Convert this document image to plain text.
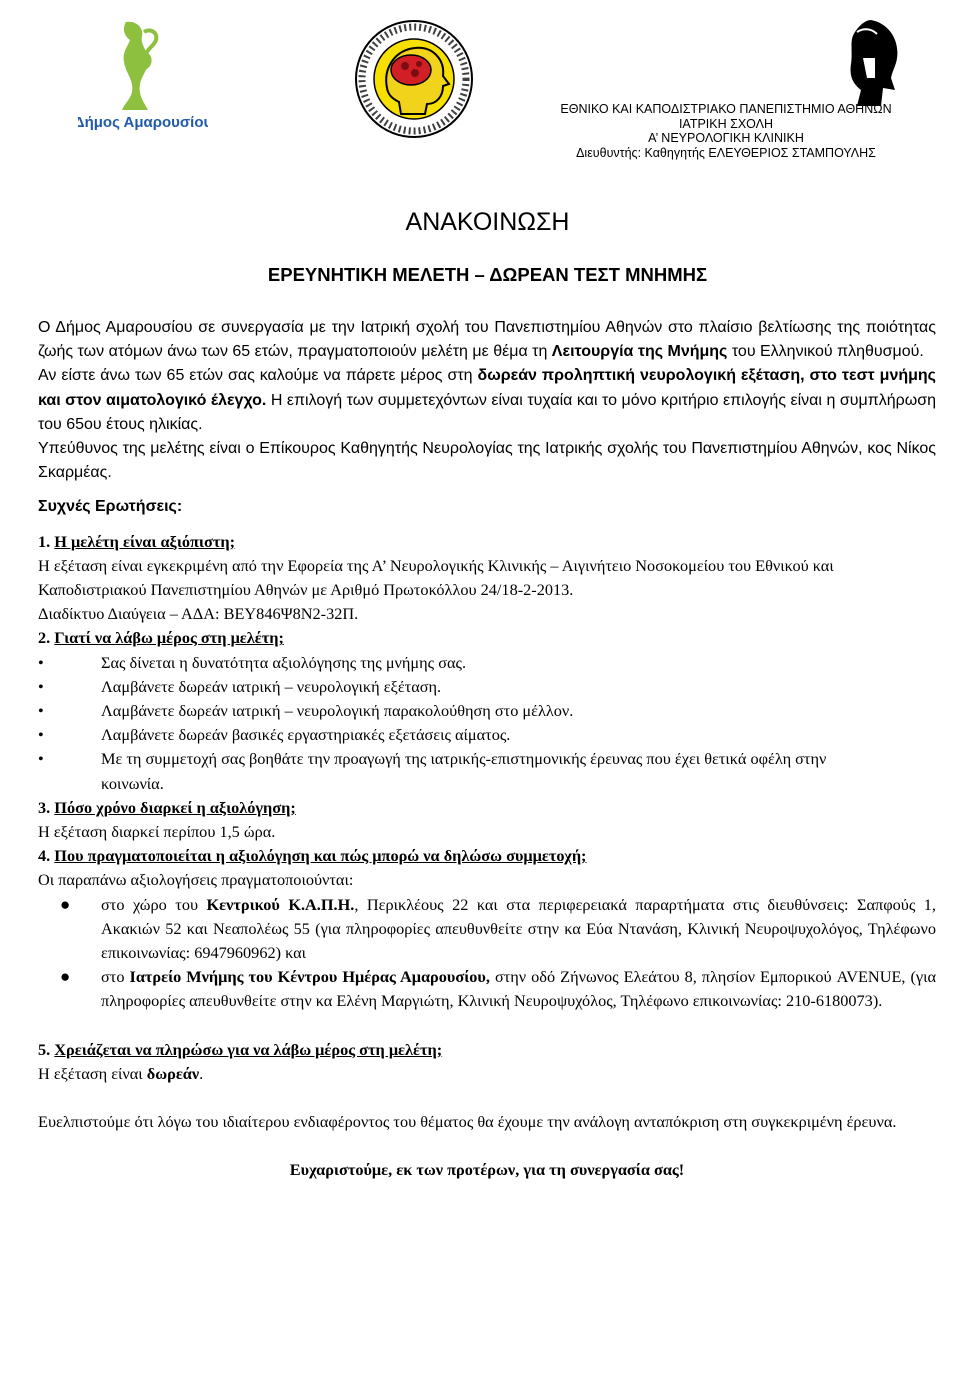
Δήμος Αμαρουσίου
ΕΘΝΙΚΟ ΚΑΙ ΚΑΠΟΔΙΣΤΡΙΑΚΟ ΠΑΝΕΠΙΣΤΗΜΙΟ ΑΘΗΝΩΝ
ΙΑΤΡΙΚΗ ΣΧΟΛΗ
Α’ ΝΕΥΡΟΛΟΓΙΚΗ ΚΛΙΝΙΚΗ
Διευθυντής: Καθηγητής ΕΛΕΥΘΕΡΙΟΣ ΣΤΑΜΠΟΥΛΗΣ
ΑΝΑΚΟΙΝΩΣΗ
ΕΡΕΥΝΗΤΙΚΗ ΜΕΛΕΤΗ – ΔΩΡΕΑΝ ΤΕΣΤ ΜΝΗΜΗΣ

Ο Δήμος Αμαρουσίου σε συνεργασία με την Ιατρική σχολή του Πανεπιστημίου Αθηνών στο πλαίσιο βελτίωσης της ποιότητας ζωής των ατόμων άνω των 65 ετών, πραγματοποιούν μελέτη με θέμα τη Λειτουργία της Μνήμης του Ελληνικού πληθυσμού.

Αν είστε άνω των 65 ετών σας καλούμε να πάρετε μέρος στη δωρεάν προληπτική νευρολογική εξέταση, στο τεστ μνήμης και στον αιματολογικό έλεγχο. Η επιλογή των συμμετεχόντων είναι τυχαία και το μόνο κριτήριο επιλογής είναι η συμπλήρωση του 65ου έτους ηλικίας.

Υπεύθυνος της μελέτης είναι ο Επίκουρος Καθηγητής Νευρολογίας της Ιατρικής σχολής του Πανεπιστημίου Αθηνών, κος Νίκος Σκαρμέας.

Συχνές Ερωτήσεις:

1. Η μελέτη είναι αξιόπιστη;

Η εξέταση είναι εγκεκριμένη από την Εφορεία της Α’ Νευρολογικής Κλινικής – Αιγινήτειο Νοσοκομείου του Εθνικού και Καποδιστριακού Πανεπιστημίου Αθηνών με Αριθμό Πρωτοκόλλου 24/18-2-2013.

Διαδίκτυο Διαύγεια – ΑΔΑ: ΒΕΥ846Ψ8Ν2-32Π.

2. Γιατί να λάβω μέρος στη μελέτη;

•	Σας δίνεται η δυνατότητα αξιολόγησης της μνήμης σας.
•	Λαμβάνετε δωρεάν ιατρική – νευρολογική εξέταση.
•	Λαμβάνετε δωρεάν ιατρική – νευρολογική παρακολούθηση στο μέλλον.
•	Λαμβάνετε δωρεάν βασικές εργαστηριακές εξετάσεις αίματος.
•	Με τη συμμετοχή σας βοηθάτε την προαγωγή της ιατρικής-επιστημονικής έρευνας που έχει θετικά οφέλη στην κοινωνία.

3. Πόσο χρόνο διαρκεί η αξιολόγηση;

Η εξέταση διαρκεί περίπου 1,5 ώρα.

4. Που πραγματοποιείται η αξιολόγηση και πώς μπορώ να δηλώσω συμμετοχή;

Οι παραπάνω αξιολογήσεις πραγματοποιούνται:

● στο χώρο του Κεντρικού Κ.Α.Π.Η., Περικλέους 22 και στα περιφερειακά παραρτήματα στις διευθύνσεις: Σαπφούς 1, Ακακιών 52 και Νεαπολέως 55 (για πληροφορίες απευθυνθείτε στην κα Εύα Ντανάση, Κλινική Νευροψυχολόγος, Τηλέφωνο επικοινωνίας: 6947960962) και
● στο Ιατρείο Μνήμης του Κέντρου Ημέρας Αμαρουσίου, στην οδό Ζήνωνος Ελεάτου 8, πλησίον Εμπορικού AVENUE, (για πληροφορίες απευθυνθείτε στην κα Ελένη Μαργιώτη, Κλινική Νευροψυχόλος, Τηλέφωνο επικοινωνίας: 210-6180073).

5. Χρειάζεται να πληρώσω για να λάβω μέρος στη μελέτη;

Η εξέταση είναι δωρεάν.

Ευελπιστούμε ότι λόγω του ιδιαίτερου ενδιαφέροντος του θέματος θα έχουμε την ανάλογη ανταπόκριση στη συγκεκριμένη έρευνα.

Ευχαριστούμε, εκ των προτέρων, για τη συνεργασία σας!
